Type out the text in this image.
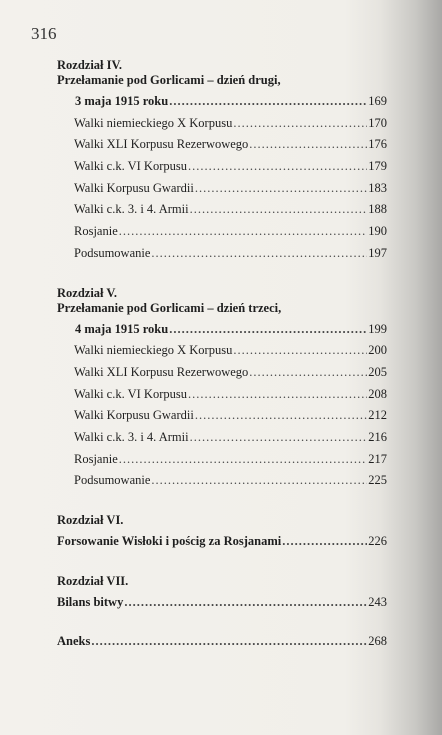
316
Rozdział IV.
Przełamanie pod Gorlicami – dzień drugi,
3 maja 1915 roku .....	169
Walki niemieckiego X Korpusu .....	170
Walki XLI Korpusu Rezerwowego .....	176
Walki c.k. VI Korpusu .....	179
Walki Korpusu Gwardii .....	183
Walki c.k. 3. i 4. Armii .....	188
Rosjanie .....	190
Podsumowanie .....	197
Rozdział V.
Przełamanie pod Gorlicami – dzień trzeci,
4 maja 1915 roku .....	199
Walki niemieckiego X Korpusu .....	200
Walki XLI Korpusu Rezerwowego .....	205
Walki c.k. VI Korpusu .....	208
Walki Korpusu Gwardii .....	212
Walki c.k. 3. i 4. Armii .....	216
Rosjanie .....	217
Podsumowanie .....	225
Rozdział VI.
Forsowanie Wisłoki i pościg za Rosjanami .....	226
Rozdział VII.
Bilans bitwy .....	243
Aneks .....	268
